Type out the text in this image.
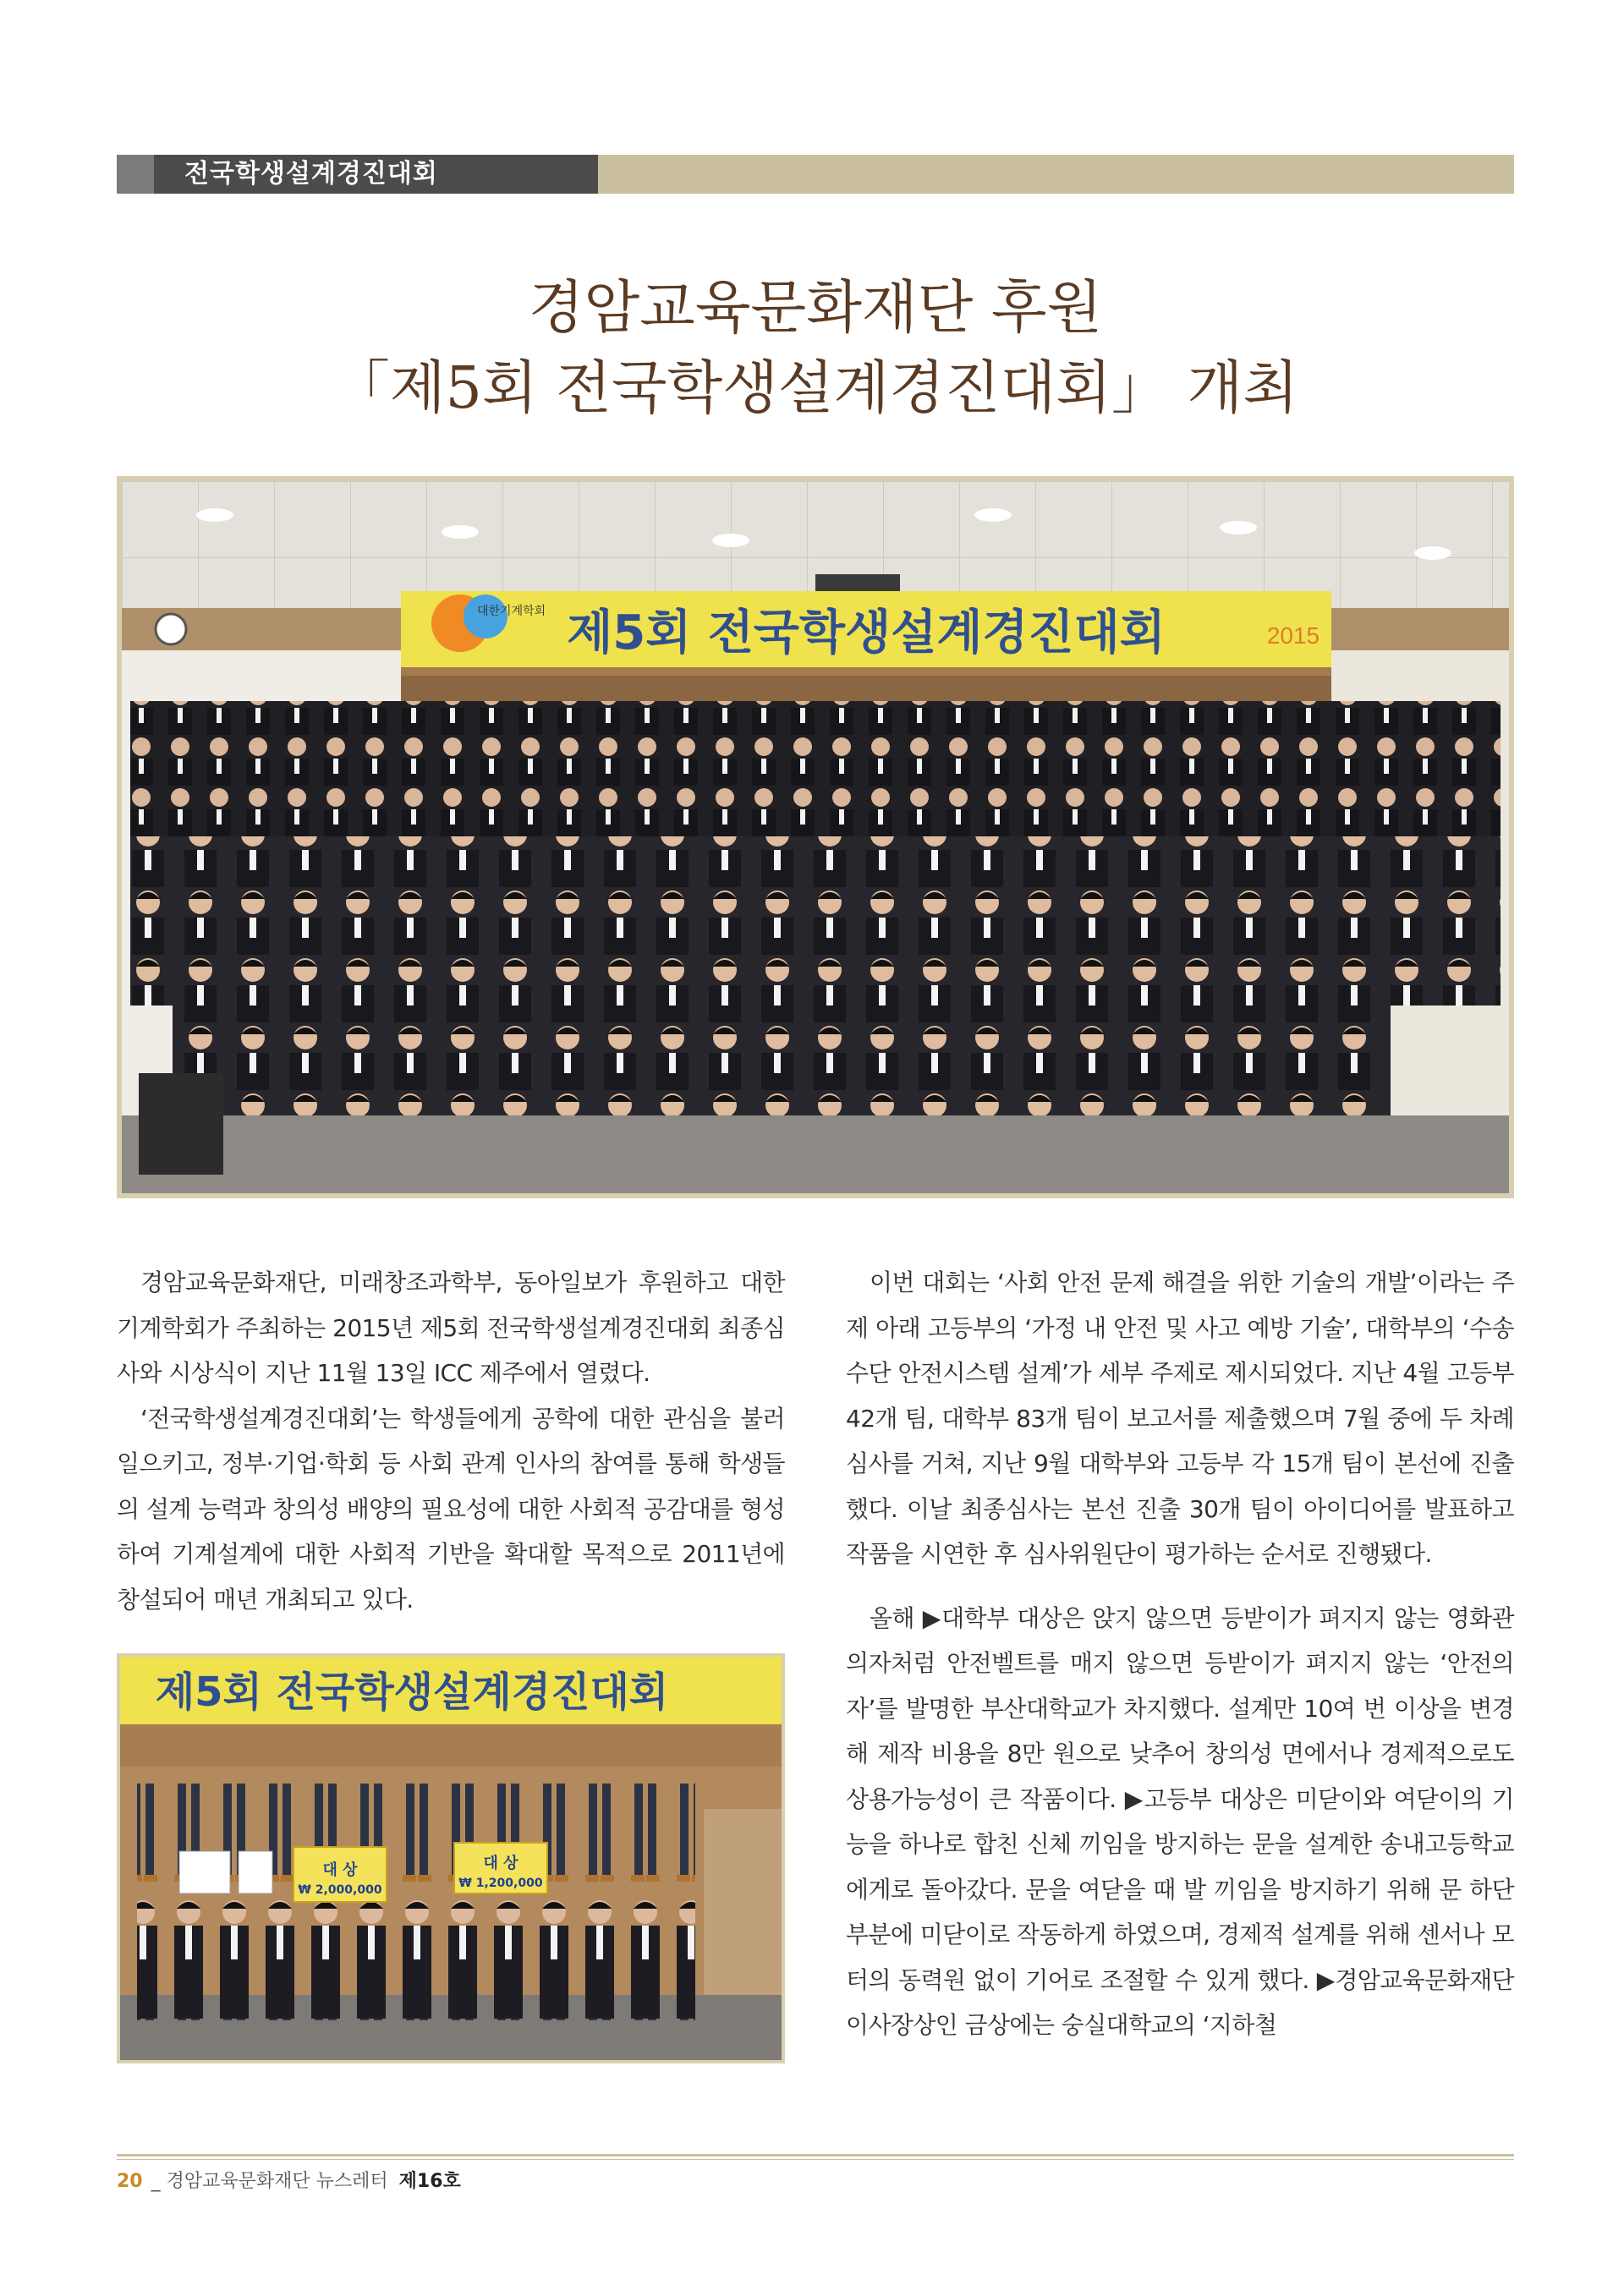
전국학생설계경진대회
경암교육문화재단 후원
「제5회 전국학생설계경진대회」 개최
대한기계학회 제5회 전국학생설계경진대회	2015

경암교육문화재단, 미래창조과학부, 동아일보가 후원하고 대한기계학회가 주최하는 2015년 제5회 전국학생설계경진대회 최종심사와 시상식이 지난 11월 13일 ICC 제주에서 열렸다.

‘전국학생설계경진대회’는 학생들에게 공학에 대한 관심을 불러일으키고, 정부·기업·학회 등 사회 관계 인사의 참여를 통해 학생들의 설계 능력과 창의성 배양의 필요성에 대한 사회적 공감대를 형성하여 기계설계에 대한 사회적 기반을 확대할 목적으로 2011년에 창설되어 매년 개최되고 있다.

제5회 전국학생설계경진대회
대 상
₩ 2,000,000
대 상
₩ 1,200,000

이번 대회는 ‘사회 안전 문제 해결을 위한 기술의 개발’이라는 주제 아래 고등부의 ‘가정 내 안전 및 사고 예방 기술’, 대학부의 ‘수송수단 안전시스템 설계’가 세부 주제로 제시되었다. 지난 4월 고등부 42개 팀, 대학부 83개 팀이 보고서를 제출했으며 7월 중에 두 차례 심사를 거쳐, 지난 9월 대학부와 고등부 각 15개 팀이 본선에 진출했다. 이날 최종심사는 본선 진출 30개 팀이 아이디어를 발표하고 작품을 시연한 후 심사위원단이 평가하는 순서로 진행됐다.

올해 ▶대학부 대상은 앉지 않으면 등받이가 펴지지 않는 영화관 의자처럼 안전벨트를 매지 않으면 등받이가 펴지지 않는 ‘안전의자’를 발명한 부산대학교가 차지했다. 설계만 10여 번 이상을 변경해 제작 비용을 8만 원으로 낮추어 창의성 면에서나 경제적으로도 상용가능성이 큰 작품이다. ▶고등부 대상은 미닫이와 여닫이의 기능을 하나로 합친 신체 끼임을 방지하는 문을 설계한 송내고등학교에게로 돌아갔다. 문을 여닫을 때 발 끼임을 방지하기 위해 문 하단 부분에 미닫이로 작동하게 하였으며, 경제적 설계를 위해 센서나 모터의 동력원 없이 기어로 조절할 수 있게 했다. ▶경암교육문화재단 이사장상인 금상에는 숭실대학교의 ‘지하철

20 _ 경암교육문화재단 뉴스레터 제16호
